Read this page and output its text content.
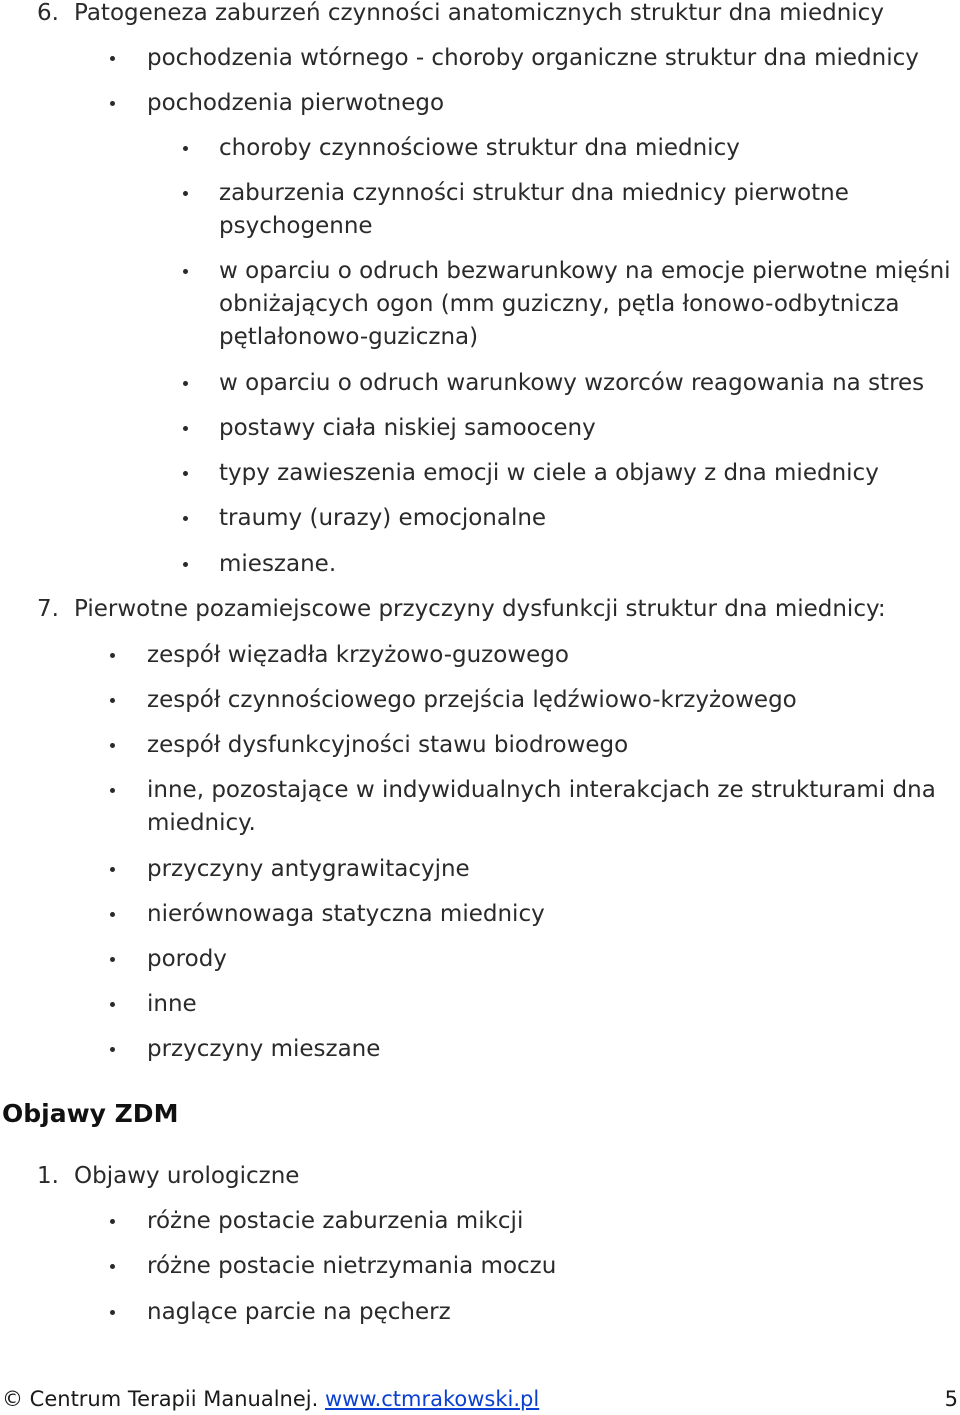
6. Patogeneza zaburzeń czynności anatomicznych struktur dna miednicy
pochodzenia wtórnego - choroby organiczne struktur dna miednicy
pochodzenia pierwotnego
choroby czynnościowe struktur dna miednicy
zaburzenia czynności struktur dna miednicy pierwotne
psychogenne
w oparciu o odruch bezwarunkowy na emocje pierwotne mięśni
obniżających ogon (mm guziczny, pętla łonowo-odbytnicza
pętlałonowo-guziczna)
w oparciu o odruch warunkowy wzorców reagowania na stres
postawy ciała niskiej samooceny
typy zawieszenia emocji w ciele a objawy z dna miednicy
traumy (urazy) emocjonalne
mieszane.
7. Pierwotne pozamiejscowe przyczyny dysfunkcji struktur dna miednicy:
zespół więzadła krzyżowo-guzowego
zespół czynnościowego przejścia lędźwiowo-krzyżowego
zespół dysfunkcyjności stawu biodrowego
inne, pozostające w indywidualnych interakcjach ze strukturami dna
miednicy.
przyczyny antygrawitacyjne
nierównowaga statyczna miednicy
porody
inne
przyczyny mieszane
Objawy ZDM
1. Objawy urologiczne
różne postacie zaburzenia mikcji
różne postacie nietrzymania moczu
naglące parcie na pęcherz
© Centrum Terapii Manualnej. www.ctmrakowski.pl	5
